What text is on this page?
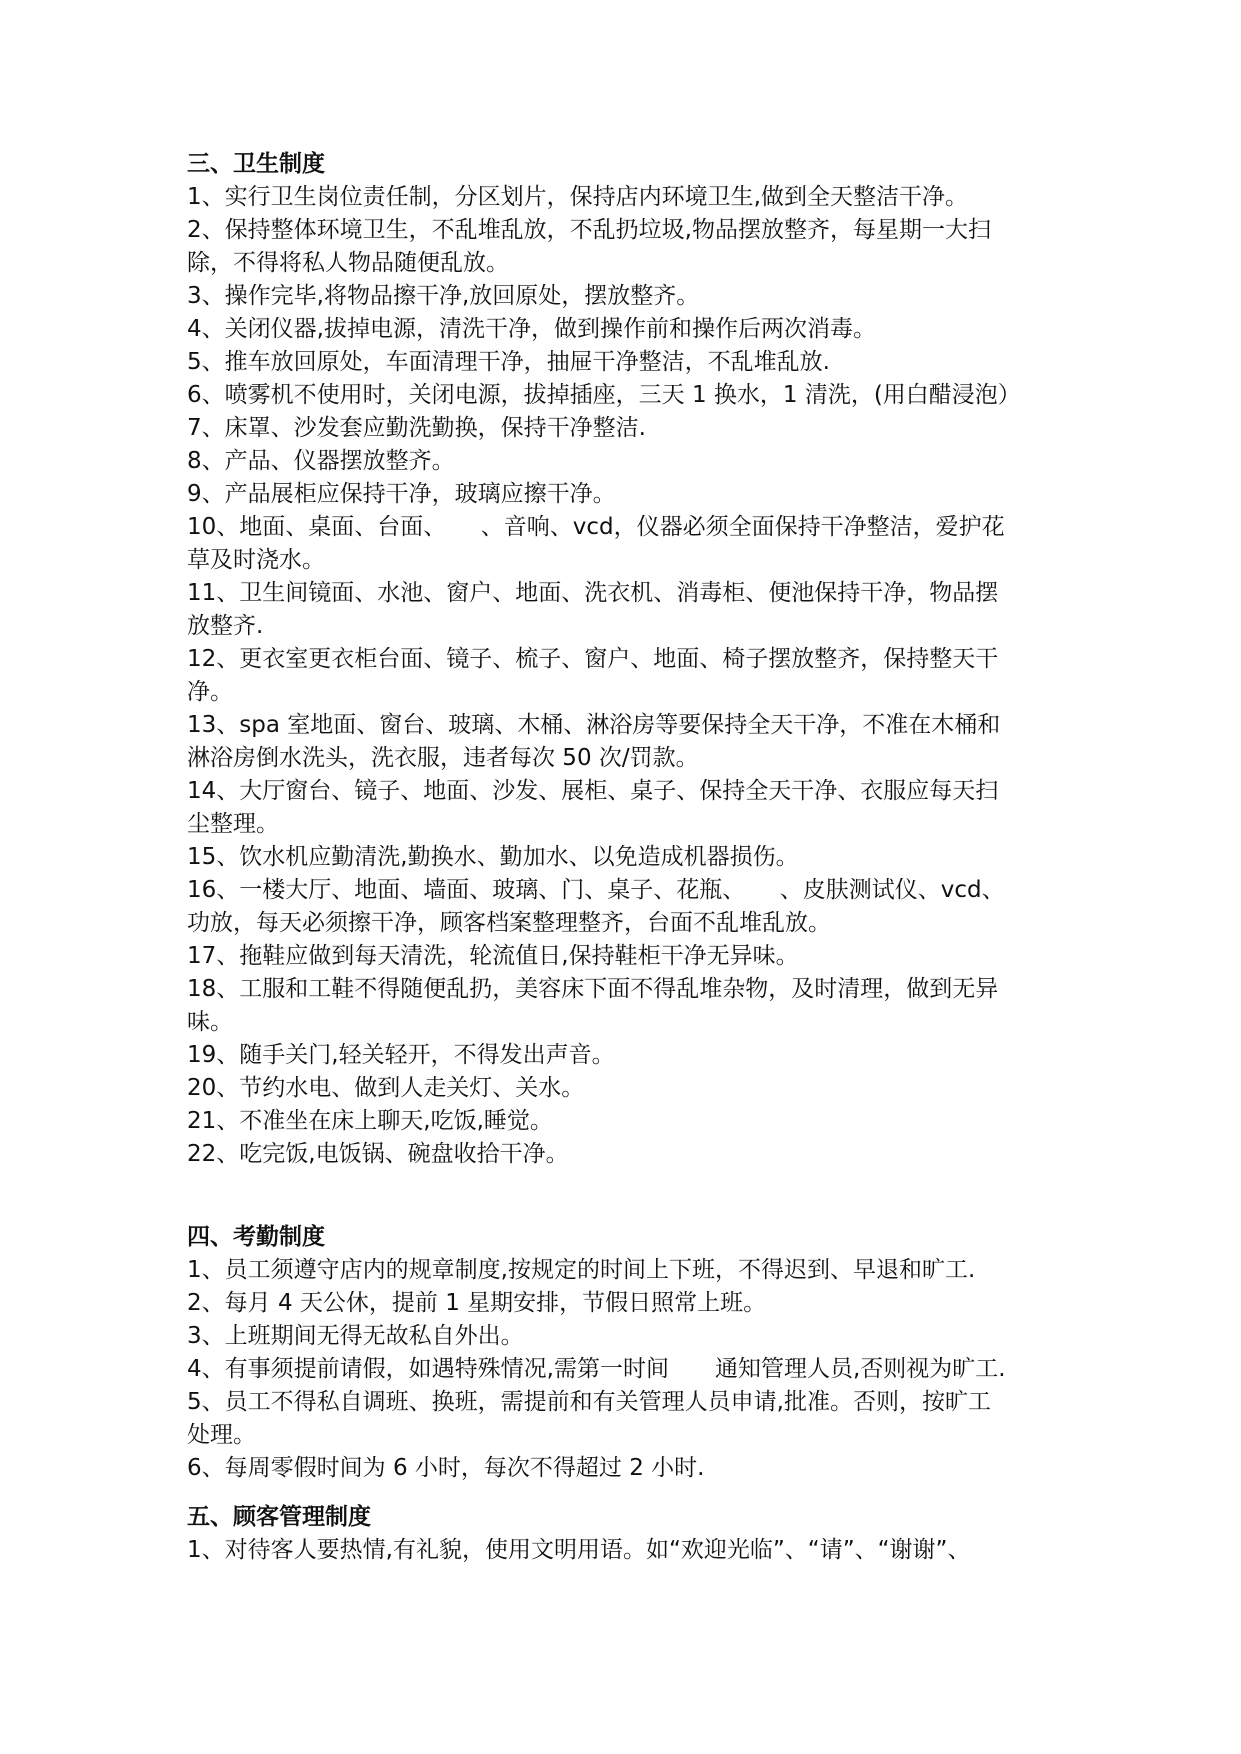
三、卫生制度
1、实行卫生岗位责任制，分区划片，保持店内环境卫生,做到全天整洁干净。
2、保持整体环境卫生，不乱堆乱放，不乱扔垃圾,物品摆放整齐，每星期一大扫
除，不得将私人物品随便乱放。
3、操作完毕,将物品擦干净,放回原处，摆放整齐。
4、关闭仪器,拔掉电源，清洗干净，做到操作前和操作后两次消毒。
5、推车放回原处，车面清理干净，抽屉干净整洁，不乱堆乱放.
6、喷雾机不使用时，关闭电源，拔掉插座，三天 1 换水，1 清洗，(用白醋浸泡）
7、床罩、沙发套应勤洗勤换，保持干净整洁.
8、产品、仪器摆放整齐。
9、产品展柜应保持干净，玻璃应擦干净。
10、地面、桌面、台面、　　、音响、vcd，仪器必须全面保持干净整洁，爱护花
草及时浇水。
11、卫生间镜面、水池、窗户、地面、洗衣机、消毒柜、便池保持干净，物品摆
放整齐.
12、更衣室更衣柜台面、镜子、梳子、窗户、地面、椅子摆放整齐，保持整天干
净。
13、spa 室地面、窗台、玻璃、木桶、淋浴房等要保持全天干净，不准在木桶和
淋浴房倒水洗头，洗衣服，违者每次 50 次/罚款。
14、大厅窗台、镜子、地面、沙发、展柜、桌子、保持全天干净、衣服应每天扫
尘整理。
15、饮水机应勤清洗,勤换水、勤加水、以免造成机器损伤。
16、一楼大厅、地面、墙面、玻璃、门、桌子、花瓶、　　、皮肤测试仪、vcd、
功放，每天必须擦干净，顾客档案整理整齐，台面不乱堆乱放。
17、拖鞋应做到每天清洗，轮流值日,保持鞋柜干净无异味。
18、工服和工鞋不得随便乱扔，美容床下面不得乱堆杂物，及时清理，做到无异
味。
19、随手关门,轻关轻开，不得发出声音。
20、节约水电、做到人走关灯、关水。
21、不准坐在床上聊天,吃饭,睡觉。
22、吃完饭,电饭锅、碗盘收拾干净。
四、考勤制度
1、员工须遵守店内的规章制度,按规定的时间上下班，不得迟到、早退和旷工.
2、每月 4 天公休，提前 1 星期安排，节假日照常上班。
3、上班期间无得无故私自外出。
4、有事须提前请假，如遇特殊情况,需第一时间　　通知管理人员,否则视为旷工.
5、员工不得私自调班、换班，需提前和有关管理人员申请,批准。否则，按旷工
处理。
6、每周零假时间为 6 小时，每次不得超过 2 小时.
五、顾客管理制度
1、对待客人要热情,有礼貌，使用文明用语。如“欢迎光临”、“请”、“谢谢”、
